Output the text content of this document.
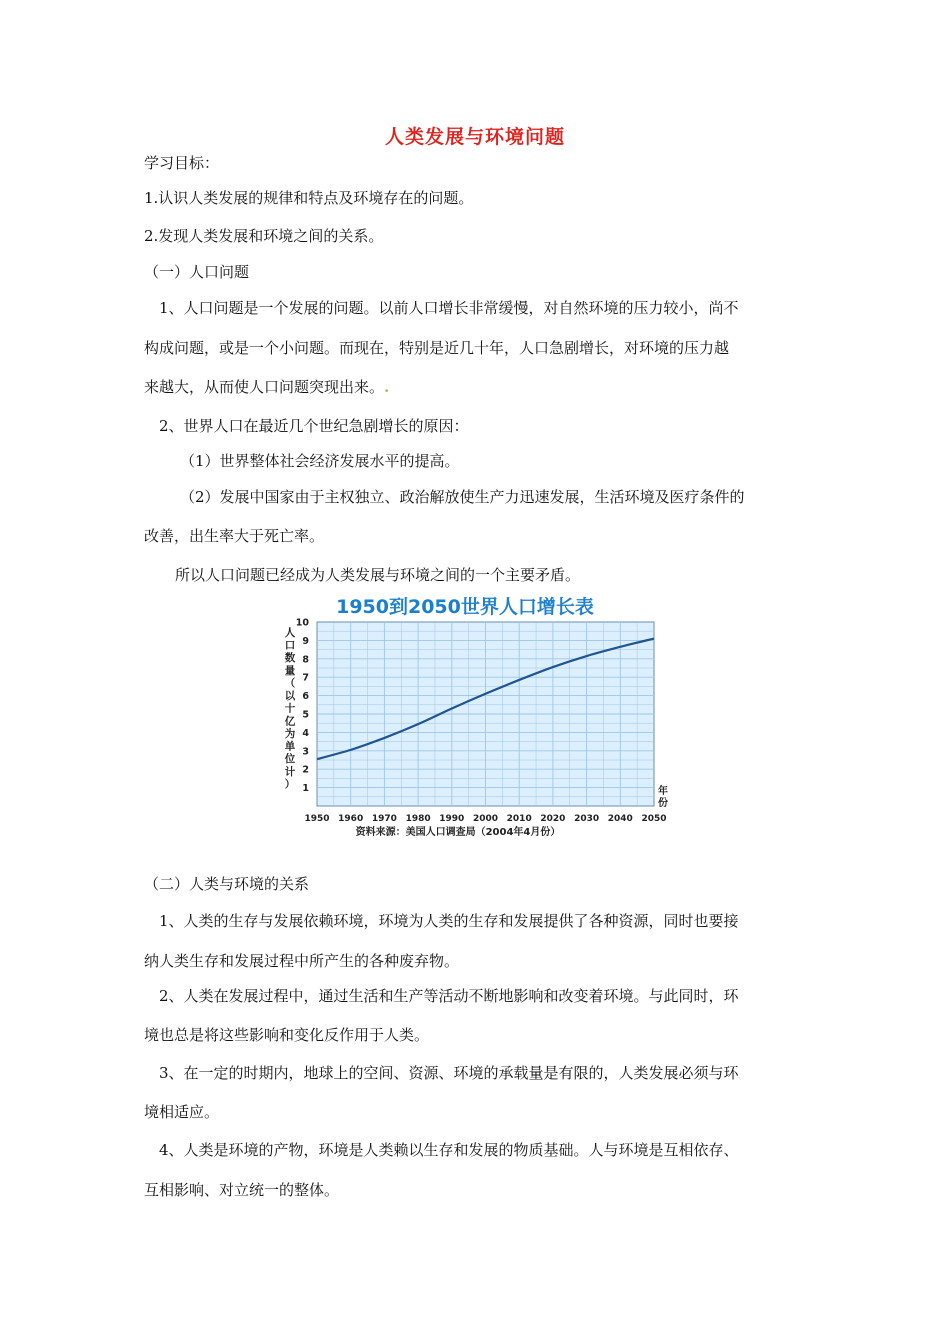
人类发展与环境问题
学习目标：
1.认识人类发展的规律和特点及环境存在的问题。
2.发现人类发展和环境之间的关系。
（一）人口问题
1、人口问题是一个发展的问题。以前人口增长非常缓慢，对自然环境的压力较小，尚不
构成问题，或是一个小问题。而现在，特别是近几十年，人口急剧增长，对环境的压力越
来越大，从而使人口问题突现出来。.
2、世界人口在最近几个世纪急剧增长的原因：
（1）世界整体社会经济发展水平的提高。
（2）发展中国家由于主权独立、政治解放使生产力迅速发展，生活环境及医疗条件的
改善，出生率大于死亡率。
所以人口问题已经成为人类发展与环境之间的一个主要矛盾。
1950到2050世界人口增长表
人口数量（以十亿为单位计） 1
2
3
4
5
6
7
8
9
10
1950 1960 1970 1980 1990 2000 2010 2020 2030 2040 2050
年份
资料来源：美国人口调查局（2004年4月份）
（二）人类与环境的关系
1、人类的生存与发展依赖环境，环境为人类的生存和发展提供了各种资源，同时也要接
纳人类生存和发展过程中所产生的各种废弃物。
2、人类在发展过程中，通过生活和生产等活动不断地影响和改变着环境。与此同时，环
境也总是将这些影响和变化反作用于人类。
3、在一定的时期内，地球上的空间、资源、环境的承载量是有限的，人类发展必须与环
境相适应。
4、人类是环境的产物，环境是人类赖以生存和发展的物质基础。人与环境是互相依存、
互相影响、对立统一的整体。
